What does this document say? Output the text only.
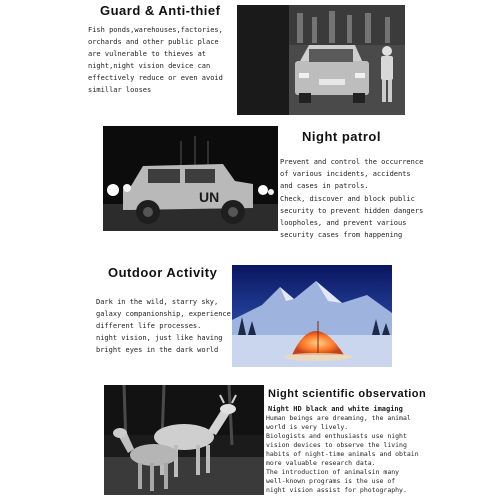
Guard & Anti-thief
Fish ponds,warehouses,factories,
orchards and other public place
are vulnerable to thieves at
night,night vision device can
effectively reduce or even avoid
simillar looses
UN
Night patrol
Prevent and control the occurrence
of various incidents, accidents
and cases in patrols.
Check, discover and block public
security to prevent hidden dangers
loopholes, and prevent various
security cases from happening
Outdoor Activity
Dark in the wild, starry sky,
galaxy companionship, experience
different life processes.
night vision, just like having
bright eyes in the dark world
Night scientific observation
Night HD black and white imaging
Human beings are dreaming, the animal
world is very lively.
Biologists and enthusiasts use night
vision devices to observe the living
habits of night-time animals and obtain
more valuable research data.
The introduction of animalsin many
well-known programs is the use of
night vision assist for photography.
